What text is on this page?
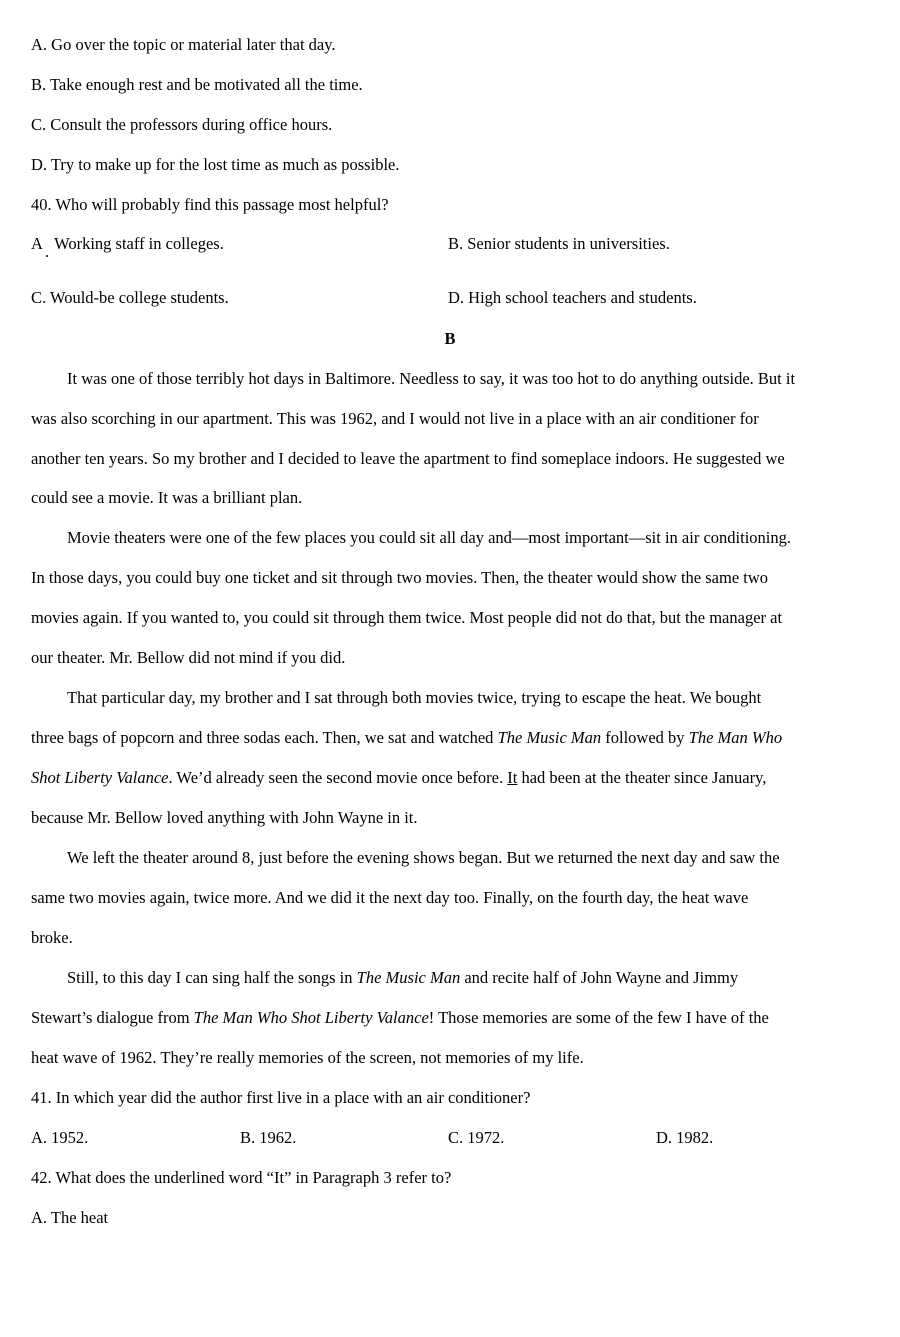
A. Go over the topic or material later that day.
B. Take enough rest and be motivated all the time.
C. Consult the professors during office hours.
D. Try to make up for the lost time as much as possible.
40. Who will probably find this passage most helpful?
A   Working staff in colleges.	B. Senior students in universities.
C. Would-be college students.	D. High school teachers and students.
B
It was one of those terribly hot days in Baltimore. Needless to say, it was too hot to do anything outside. But it
was also scorching in our apartment. This was 1962, and I would not live in a place with an air conditioner for
another ten years. So my brother and I decided to leave the apartment to find someplace indoors. He suggested we
could see a movie. It was a brilliant plan.
Movie theaters were one of the few places you could sit all day and—most important—sit in air conditioning.
In those days, you could buy one ticket and sit through two movies. Then, the theater would show the same two
movies again. If you wanted to, you could sit through them twice. Most people did not do that, but the manager at
our theater. Mr. Bellow did not mind if you did.
That particular day, my brother and I sat through both movies twice, trying to escape the heat. We bought
three bags of popcorn and three sodas each. Then, we sat and watched The Music Man followed by The Man Who
Shot Liberty Valance. We’d already seen the second movie once before. It had been at the theater since January,
because Mr. Bellow loved anything with John Wayne in it.
We left the theater around 8, just before the evening shows began. But we returned the next day and saw the
same two movies again, twice more. And we did it the next day too. Finally, on the fourth day, the heat wave
broke.
Still, to this day I can sing half the songs in The Music Man and recite half of John Wayne and Jimmy
Stewart’s dialogue from The Man Who Shot Liberty Valance! Those memories are some of the few I have of the
heat wave of 1962. They’re really memories of the screen, not memories of my life.
41. In which year did the author first live in a place with an air conditioner?
A. 1952.	B. 1962.	C. 1972.	D. 1982.
42. What does the underlined word “It” in Paragraph 3 refer to?
A. The heat
